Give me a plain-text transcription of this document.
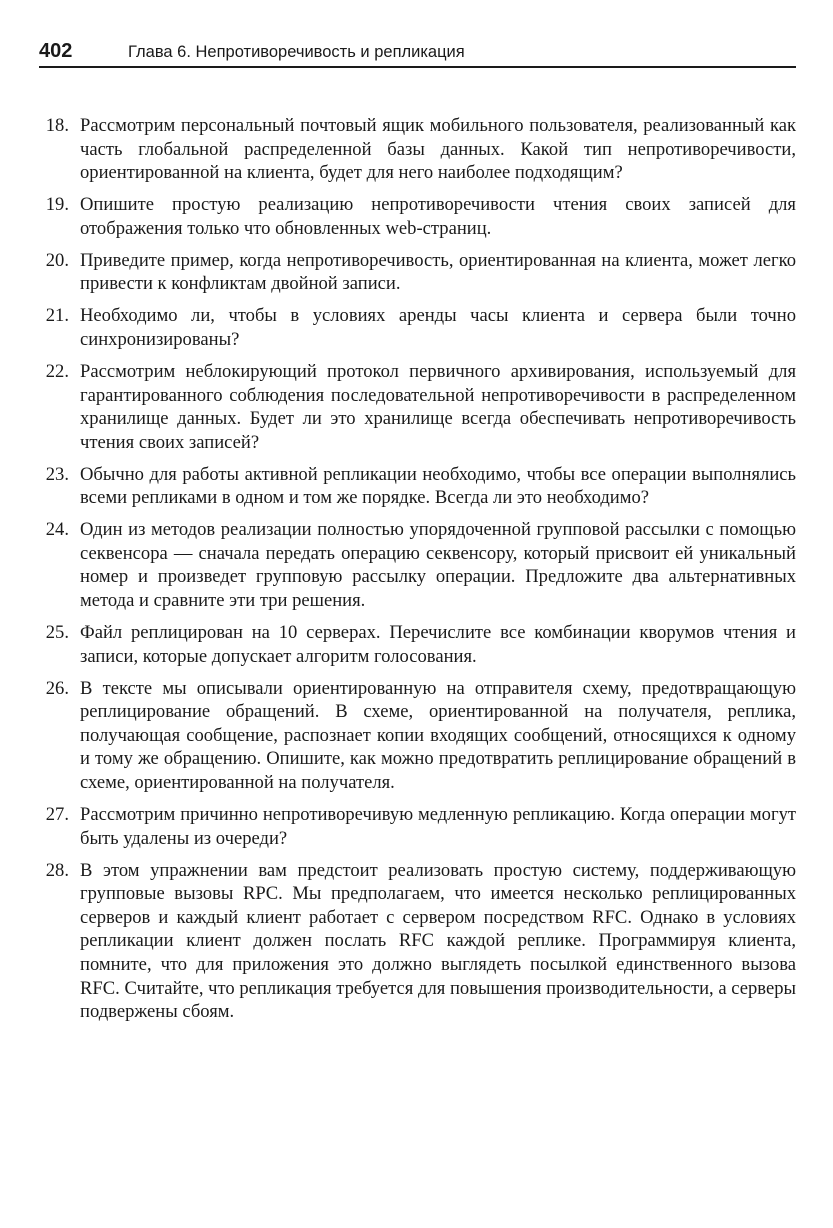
402	Глава 6. Непротиворечивость и репликация
18. Рассмотрим персональный почтовый ящик мобильного пользователя, реализованный как часть глобальной распределенной базы данных. Какой тип непротиворечивости, ориентированной на клиента, будет для него наиболее подходящим?
19. Опишите простую реализацию непротиворечивости чтения своих записей для отображения только что обновленных web-страниц.
20. Приведите пример, когда непротиворечивость, ориентированная на клиента, может легко привести к конфликтам двойной записи.
21. Необходимо ли, чтобы в условиях аренды часы клиента и сервера были точно синхронизированы?
22. Рассмотрим неблокирующий протокол первичного архивирования, используемый для гарантированного соблюдения последовательной непротиворечивости в распределенном хранилище данных. Будет ли это хранилище всегда обеспечивать непротиворечивость чтения своих записей?
23. Обычно для работы активной репликации необходимо, чтобы все операции выполнялись всеми репликами в одном и том же порядке. Всегда ли это необходимо?
24. Один из методов реализации полностью упорядоченной групповой рассылки с помощью секвенсора — сначала передать операцию секвенсору, который присвоит ей уникальный номер и произведет групповую рассылку операции. Предложите два альтернативных метода и сравните эти три решения.
25. Файл реплицирован на 10 серверах. Перечислите все комбинации кворумов чтения и записи, которые допускает алгоритм голосования.
26. В тексте мы описывали ориентированную на отправителя схему, предотвращающую реплицирование обращений. В схеме, ориентированной на получателя, реплика, получающая сообщение, распознает копии входящих сообщений, относящихся к одному и тому же обращению. Опишите, как можно предотвратить реплицирование обращений в схеме, ориентированной на получателя.
27. Рассмотрим причинно непротиворечивую медленную репликацию. Когда операции могут быть удалены из очереди?
28. В этом упражнении вам предстоит реализовать простую систему, поддерживающую групповые вызовы RPC. Мы предполагаем, что имеется несколько реплицированных серверов и каждый клиент работает с сервером посредством RFC. Однако в условиях репликации клиент должен послать RFC каждой реплике. Программируя клиента, помните, что для приложения это должно выглядеть посылкой единственного вызова RFC. Считайте, что репликация требуется для повышения производительности, а серверы подвержены сбоям.
